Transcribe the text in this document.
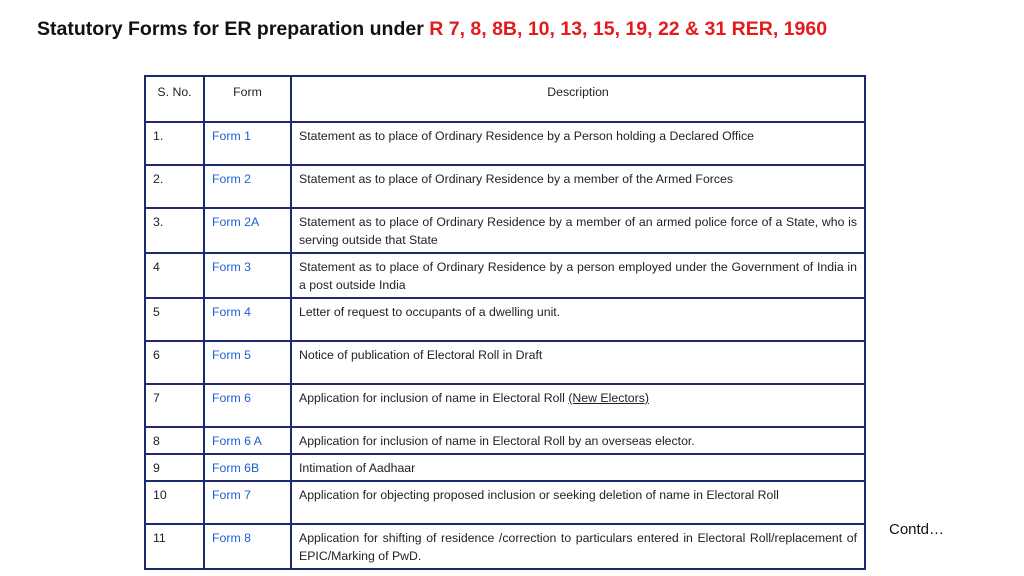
Statutory Forms for ER preparation under R 7, 8, 8B, 10, 13, 15, 19, 22 & 31 RER, 1960
S. No.	Form	Description
1.	Form 1	Statement as to place of Ordinary Residence by a Person holding a Declared Office
2.	Form 2	Statement as to place of Ordinary Residence by a member of the Armed Forces
3.	Form 2A	Statement as to place of Ordinary Residence by a member of an armed police force of a State, who is serving outside that State
4	Form 3	Statement as to place of Ordinary Residence by a person employed under the Government of India in a post outside India
5	Form 4	Letter of request to occupants of a dwelling unit.
6	Form 5	Notice of publication of Electoral Roll in Draft
7	Form 6	Application for inclusion of name in Electoral Roll (New Electors)
8	Form 6 A	Application for inclusion of name in Electoral Roll by an overseas elector.
9	Form 6B	Intimation of Aadhaar
10	Form 7	Application for objecting proposed inclusion or seeking deletion of name in Electoral Roll
11	Form 8	Application for shifting of residence /correction to particulars entered in Electoral Roll/replacement of EPIC/Marking of PwD.
Contd…
